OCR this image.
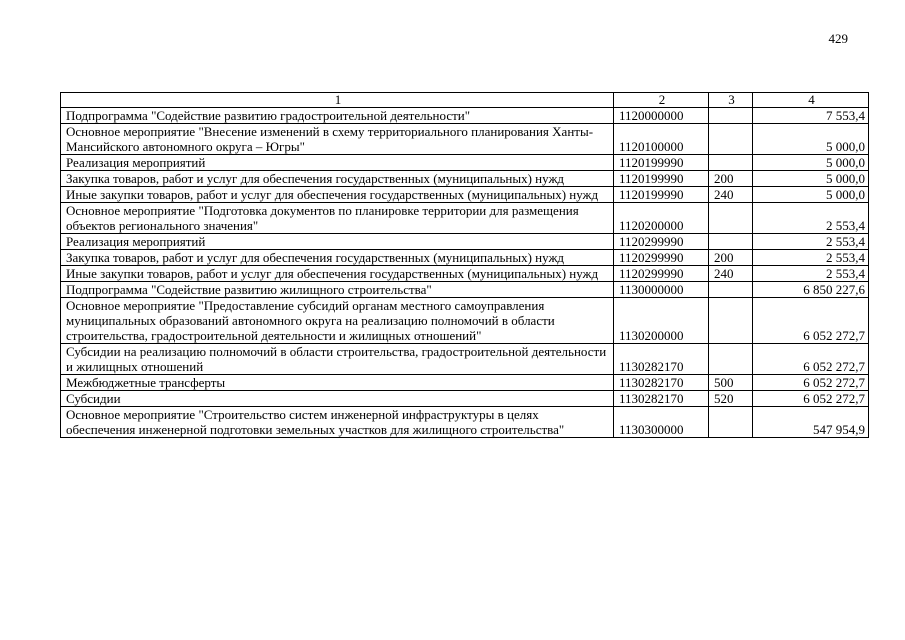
429
1	2	3	4
Подпрограмма "Содействие развитию градостроительной деятельности"	1120000000		7 553,4
Основное мероприятие "Внесение изменений в схему территориального планирования Ханты-Мансийского автономного округа – Югры"	1120100000		5 000,0
Реализация мероприятий	1120199990		5 000,0
Закупка товаров, работ и услуг для обеспечения государственных (муниципальных) нужд	1120199990	200	5 000,0
Иные закупки товаров, работ и услуг для обеспечения государственных (муниципальных) нужд	1120199990	240	5 000,0
Основное мероприятие "Подготовка документов по планировке территории для размещения объектов регионального значения"	1120200000		2 553,4
Реализация мероприятий	1120299990		2 553,4
Закупка товаров, работ и услуг для обеспечения государственных (муниципальных) нужд	1120299990	200	2 553,4
Иные закупки товаров, работ и услуг для обеспечения государственных (муниципальных) нужд	1120299990	240	2 553,4
Подпрограмма "Содействие развитию жилищного строительства"	1130000000		6 850 227,6
Основное мероприятие "Предоставление субсидий органам местного самоуправления муниципальных образований автономного округа на реализацию полномочий в области строительства, градостроительной деятельности и жилищных отношений"	1130200000		6 052 272,7
Субсидии на реализацию полномочий в области строительства, градостроительной деятельности и жилищных отношений	1130282170		6 052 272,7
Межбюджетные трансферты	1130282170	500	6 052 272,7
Субсидии	1130282170	520	6 052 272,7
Основное мероприятие "Строительство систем инженерной инфраструктуры в целях обеспечения инженерной подготовки земельных участков для жилищного строительства"	1130300000		547 954,9
